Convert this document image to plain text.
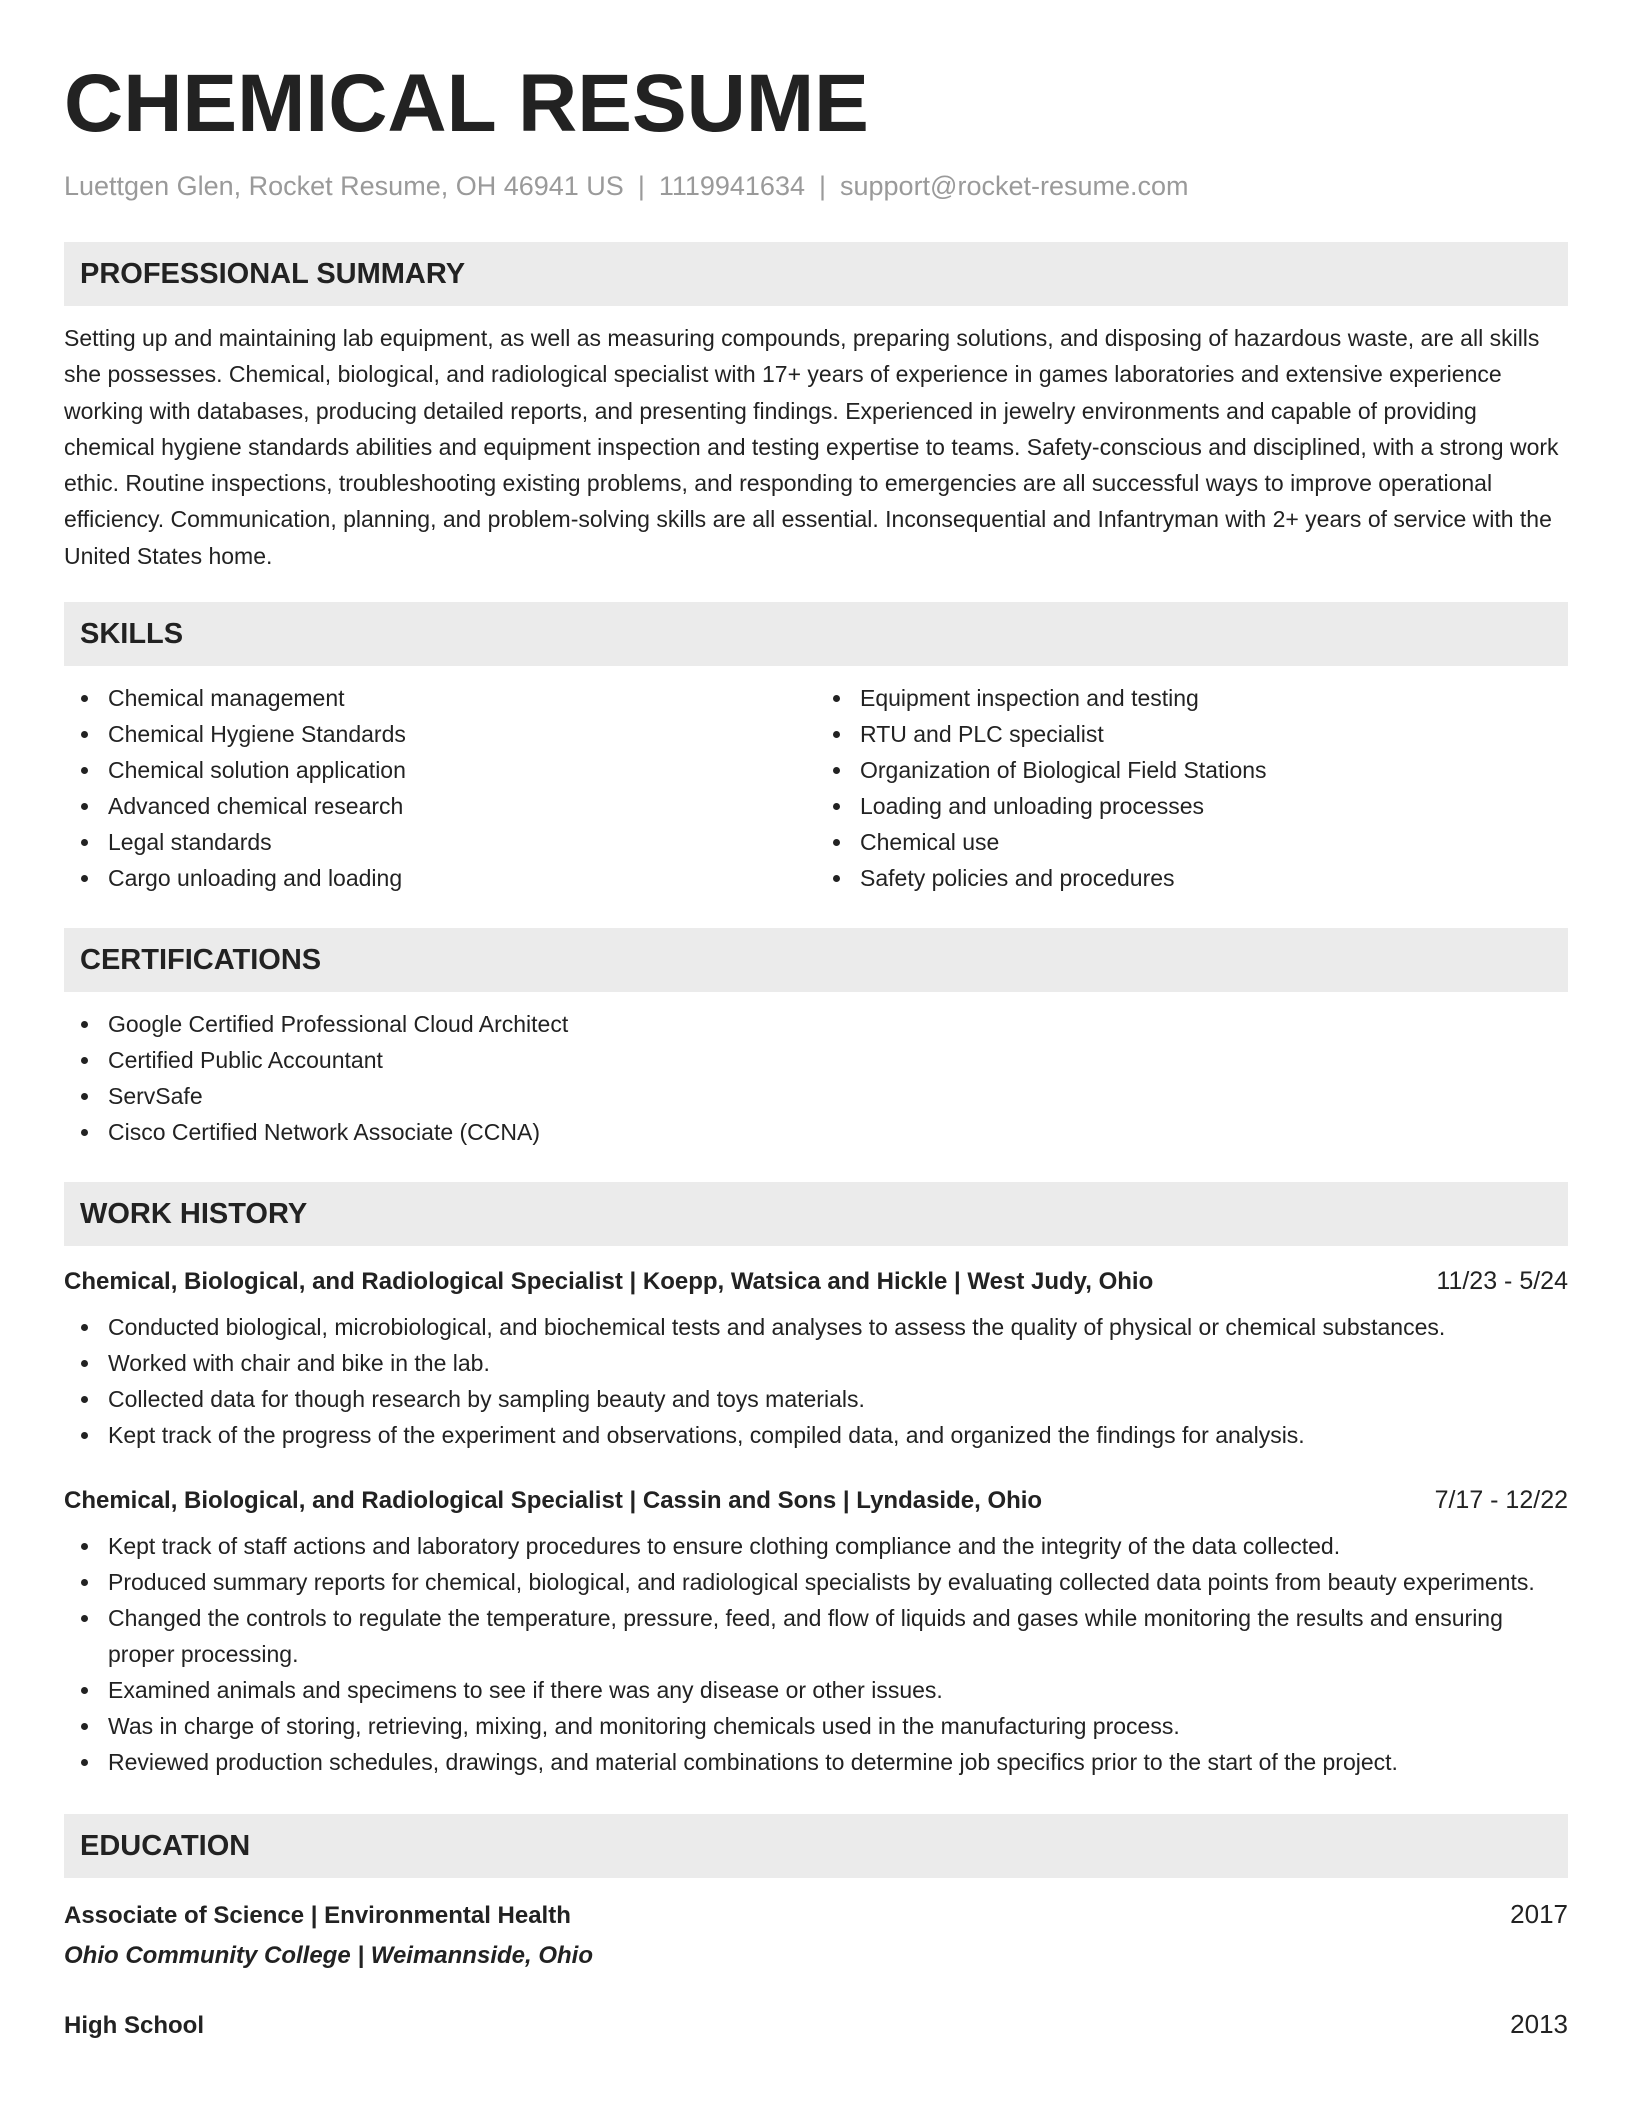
CHEMICAL RESUME
Luettgen Glen, Rocket Resume, OH 46941 US | 1119941634 | support@rocket-resume.com
PROFESSIONAL SUMMARY

Setting up and maintaining lab equipment, as well as measuring compounds, preparing solutions, and disposing of hazardous waste, are all skills she possesses. Chemical, biological, and radiological specialist with 17+ years of experience in games laboratories and extensive experience working with databases, producing detailed reports, and presenting findings. Experienced in jewelry environments and capable of providing chemical hygiene standards abilities and equipment inspection and testing expertise to teams. Safety-conscious and disciplined, with a strong work ethic. Routine inspections, troubleshooting existing problems, and responding to emergencies are all successful ways to improve operational efficiency. Communication, planning, and problem-solving skills are all essential. Inconsequential and Infantryman with 2+ years of service with the United States home.

SKILLS
Chemical management
Chemical Hygiene Standards
Chemical solution application
Advanced chemical research
Legal standards
Cargo unloading and loading
Equipment inspection and testing
RTU and PLC specialist
Organization of Biological Field Stations
Loading and unloading processes
Chemical use
Safety policies and procedures
CERTIFICATIONS
Google Certified Professional Cloud Architect
Certified Public Accountant
ServSafe
Cisco Certified Network Associate (CCNA)
WORK HISTORY
Chemical, Biological, and Radiological Specialist | Koepp, Watsica and Hickle | West Judy, Ohio	11/23 - 5/24
Conducted biological, microbiological, and biochemical tests and analyses to assess the quality of physical or chemical substances.
Worked with chair and bike in the lab.
Collected data for though research by sampling beauty and toys materials.
Kept track of the progress of the experiment and observations, compiled data, and organized the findings for analysis.
Chemical, Biological, and Radiological Specialist | Cassin and Sons | Lyndaside, Ohio	7/17 - 12/22
Kept track of staff actions and laboratory procedures to ensure clothing compliance and the integrity of the data collected.
Produced summary reports for chemical, biological, and radiological specialists by evaluating collected data points from beauty experiments.
Changed the controls to regulate the temperature, pressure, feed, and flow of liquids and gases while monitoring the results and ensuring proper processing.
Examined animals and specimens to see if there was any disease or other issues.
Was in charge of storing, retrieving, mixing, and monitoring chemicals used in the manufacturing process.
Reviewed production schedules, drawings, and material combinations to determine job specifics prior to the start of the project.
EDUCATION
Associate of Science | Environmental Health	2017
Ohio Community College | Weimannside, Ohio
High School	2013
